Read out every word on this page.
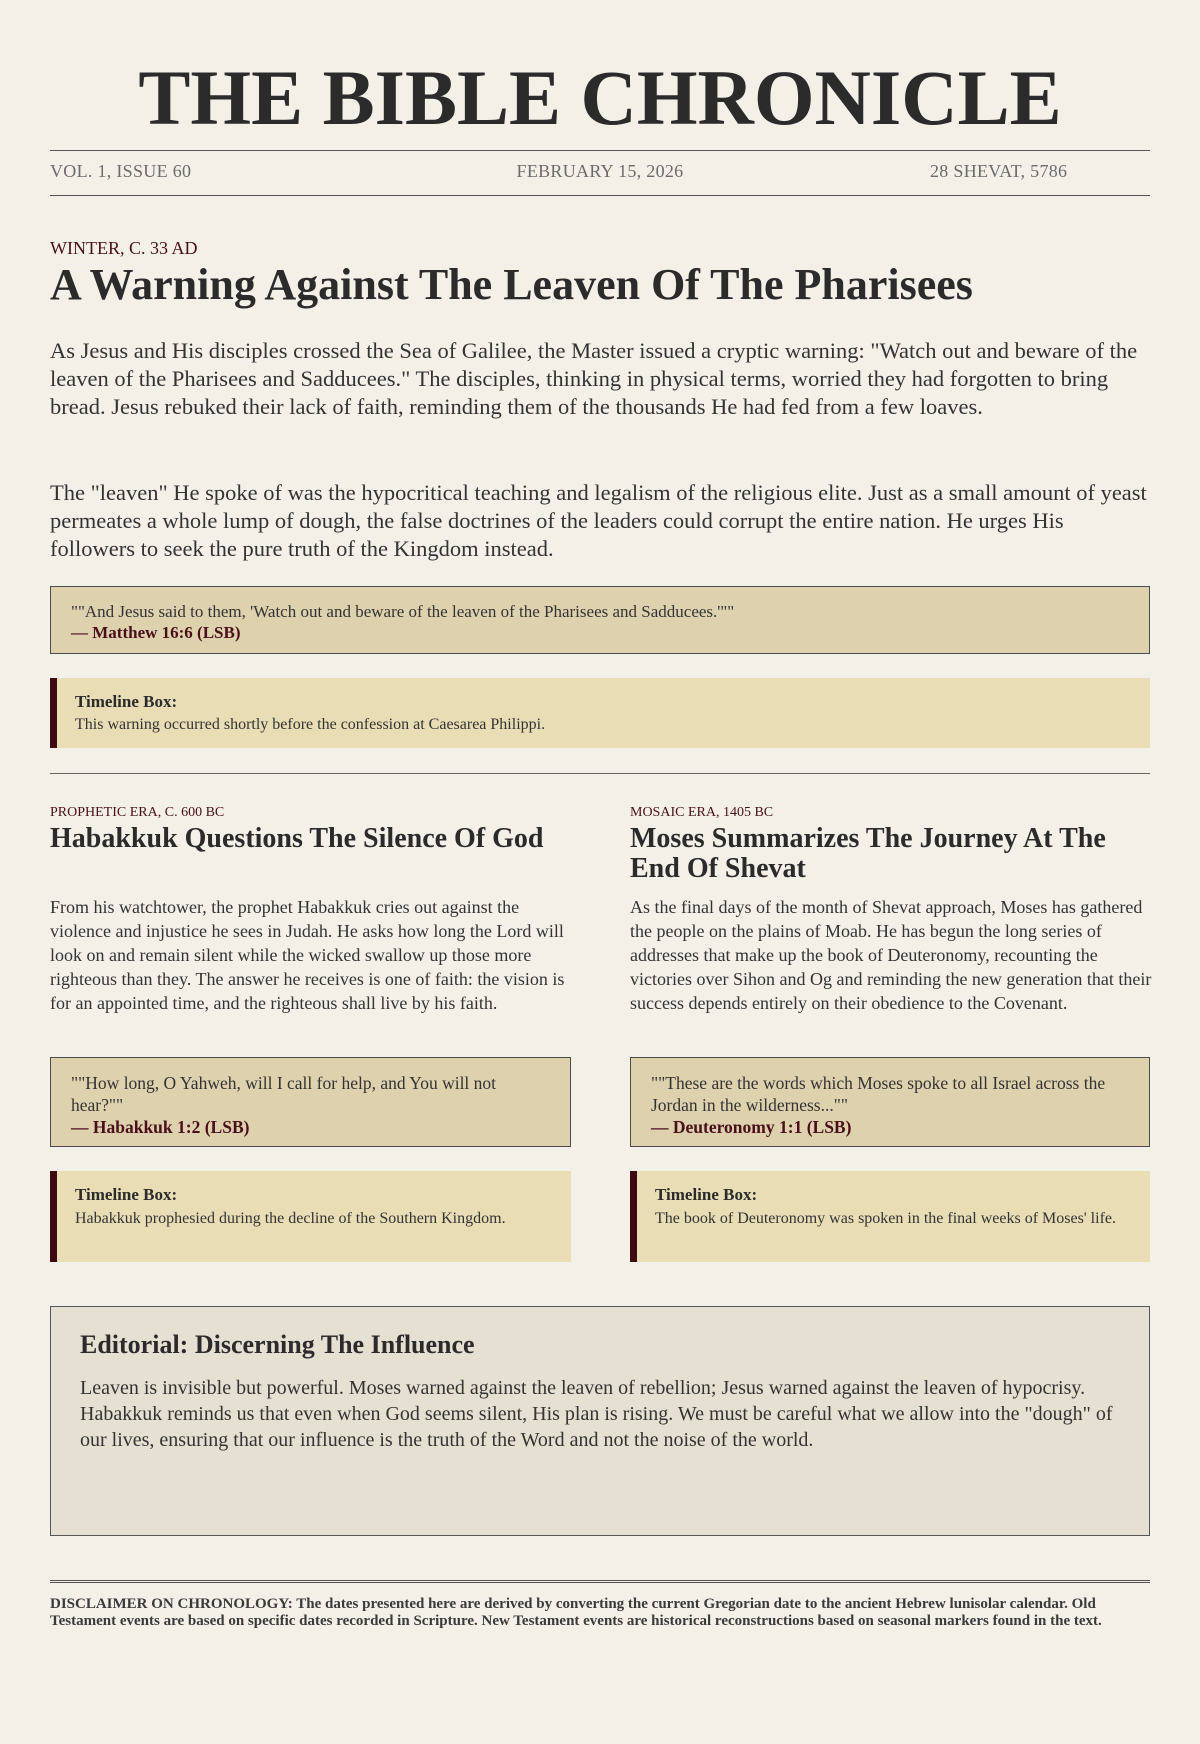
THE BIBLE CHRONICLE
VOL. 1, ISSUE 60	FEBRUARY 15, 2026	28 SHEVAT, 5786
WINTER, C. 33 AD
A Warning Against The Leaven Of The Pharisees

As Jesus and His disciples crossed the Sea of Galilee, the Master issued a cryptic warning: "Watch out and beware of the leaven of the Pharisees and Sadducees." The disciples, thinking in physical terms, worried they had forgotten to bring bread. Jesus rebuked their lack of faith, reminding them of the thousands He had fed from a few loaves.

The "leaven" He spoke of was the hypocritical teaching and legalism of the religious elite. Just as a small amount of yeast permeates a whole lump of dough, the false doctrines of the leaders could corrupt the entire nation. He urges His followers to seek the pure truth of the Kingdom instead.

""And Jesus said to them, 'Watch out and beware of the leaven of the Pharisees and Sadducees.'""
— Matthew 16:6 (LSB)
Timeline Box:
This warning occurred shortly before the confession at Caesarea Philippi.
PROPHETIC ERA, C. 600 BC
Habakkuk Questions The Silence Of God

From his watchtower, the prophet Habakkuk cries out against the violence and injustice he sees in Judah. He asks how long the Lord will look on and remain silent while the wicked swallow up those more righteous than they. The answer he receives is one of faith: the vision is for an appointed time, and the righteous shall live by his faith.

""How long, O Yahweh, will I call for help, and You will not hear?""
— Habakkuk 1:2 (LSB)
Timeline Box:
Habakkuk prophesied during the decline of the Southern Kingdom.
MOSAIC ERA, 1405 BC
Moses Summarizes The Journey At The End Of Shevat

As the final days of the month of Shevat approach, Moses has gathered the people on the plains of Moab. He has begun the long series of addresses that make up the book of Deuteronomy, recounting the victories over Sihon and Og and reminding the new generation that their success depends entirely on their obedience to the Covenant.

""These are the words which Moses spoke to all Israel across the Jordan in the wilderness...""
— Deuteronomy 1:1 (LSB)
Timeline Box:
The book of Deuteronomy was spoken in the final weeks of Moses' life.
Editorial: Discerning The Influence

Leaven is invisible but powerful. Moses warned against the leaven of rebellion; Jesus warned against the leaven of hypocrisy. Habakkuk reminds us that even when God seems silent, His plan is rising. We must be careful what we allow into the "dough" of our lives, ensuring that our influence is the truth of the Word and not the noise of the world.

DISCLAIMER ON CHRONOLOGY: The dates presented here are derived by converting the current Gregorian date to the ancient Hebrew lunisolar calendar. Old Testament events are based on specific dates recorded in Scripture. New Testament events are historical reconstructions based on seasonal markers found in the text.
